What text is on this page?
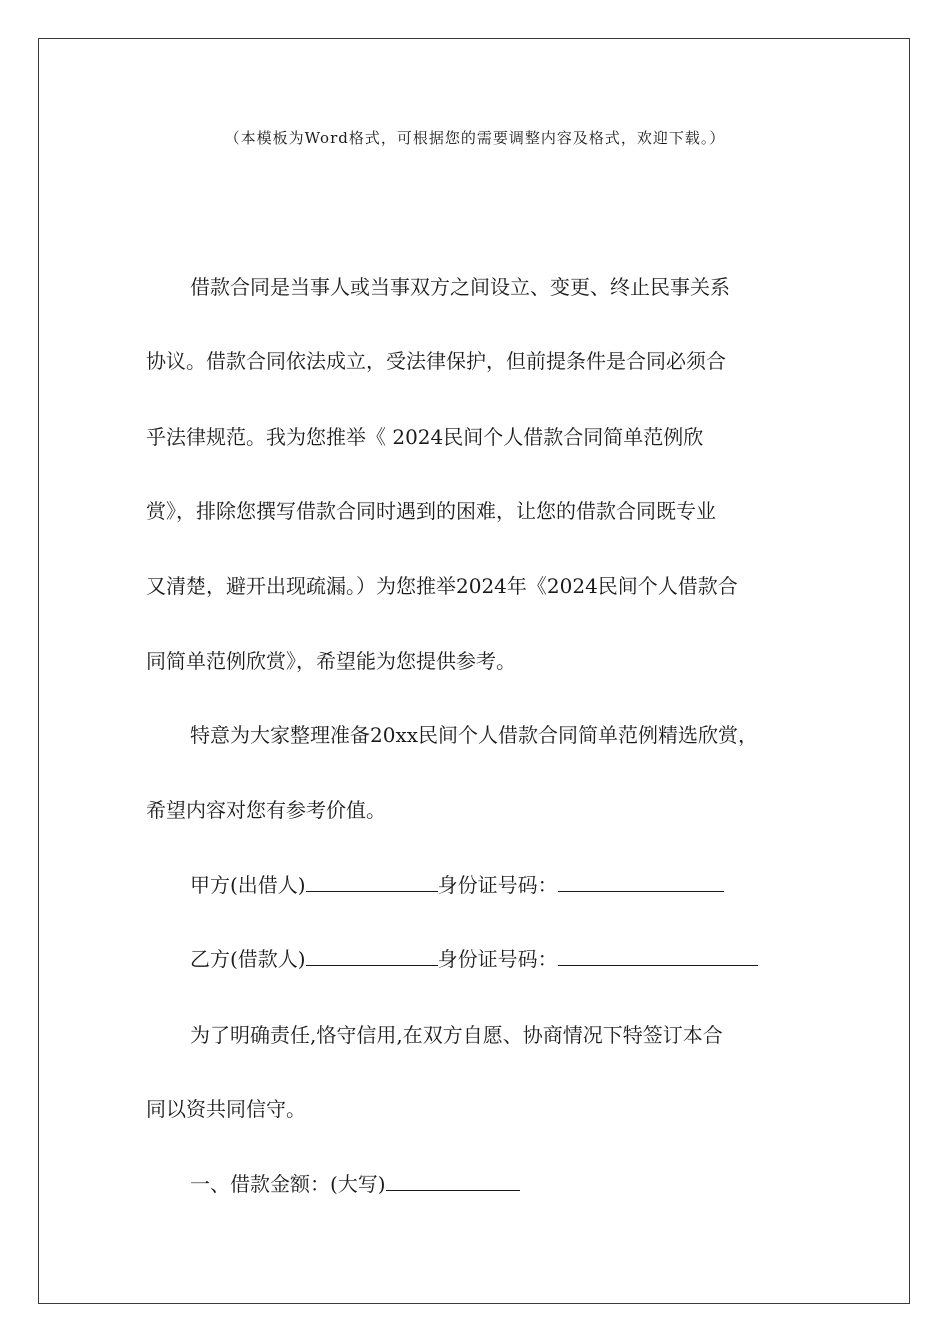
（本模板为Word格式，可根据您的需要调整内容及格式，欢迎下载。）
借款合同是当事人或当事双方之间设立、变更、终止民事关系
协议。借款合同依法成立，受法律保护，但前提条件是合同必须合
乎法律规范。我为您推举《 2024民间个人借款合同简单范例欣
赏》，排除您撰写借款合同时遇到的困难，让您的借款合同既专业
又清楚，避开出现疏漏。）为您推举2024年《2024民间个人借款合
同简单范例欣赏》，希望能为您提供参考。
特意为大家整理准备20xx民间个人借款合同简单范例精选欣赏，
希望内容对您有参考价值。
甲方(出借人)	身份证号码：
乙方(借款人)	身份证号码：
为了明确责任,恪守信用,在双方自愿、协商情况下特签订本合
同以资共同信守。
一、借款金额：(大写)
